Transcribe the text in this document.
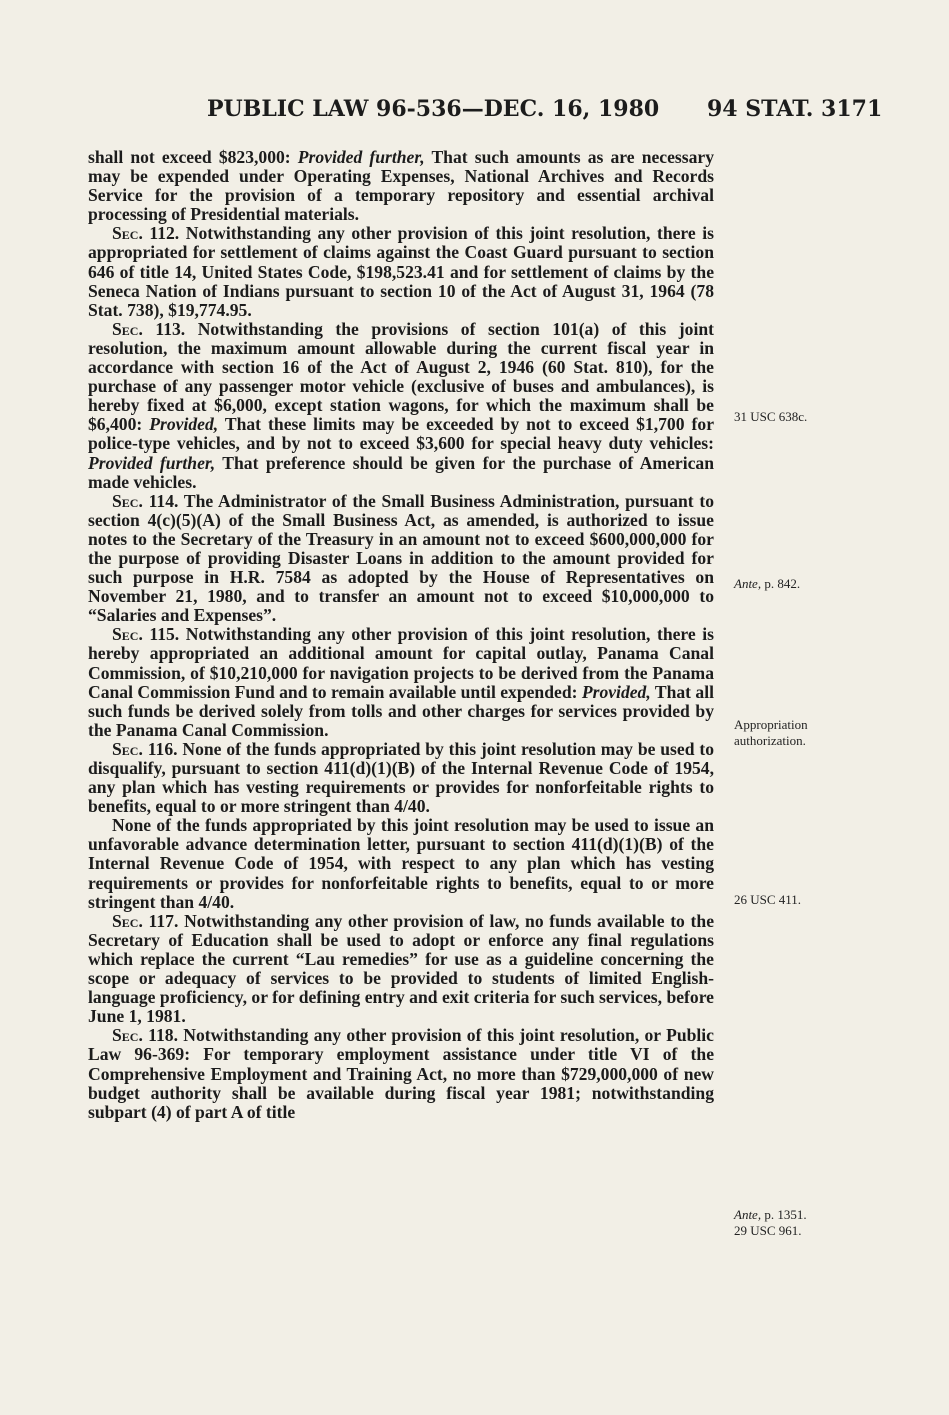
PUBLIC LAW 96-536—DEC. 16, 1980 94 STAT. 3171

shall not exceed $823,000: Provided further, That such amounts as are necessary may be expended under Operating Expenses, National Archives and Records Service for the provision of a temporary repository and essential archival processing of Presidential materials.

Sec. 112. Notwithstanding any other provision of this joint resolution, there is appropriated for settlement of claims against the Coast Guard pursuant to section 646 of title 14, United States Code, $198,523.41 and for settlement of claims by the Seneca Nation of Indians pursuant to section 10 of the Act of August 31, 1964 (78 Stat. 738), $19,774.95.

Sec. 113. Notwithstanding the provisions of section 101(a) of this joint resolution, the maximum amount allowable during the current fiscal year in accordance with section 16 of the Act of August 2, 1946 (60 Stat. 810), for the purchase of any passenger motor vehicle (exclusive of buses and ambulances), is hereby fixed at $6,000, except station wagons, for which the maximum shall be $6,400: Provided, That these limits may be exceeded by not to exceed $1,700 for police-type vehicles, and by not to exceed $3,600 for special heavy duty vehicles: Provided further, That preference should be given for the purchase of American made vehicles.

Sec. 114. The Administrator of the Small Business Administration, pursuant to section 4(c)(5)(A) of the Small Business Act, as amended, is authorized to issue notes to the Secretary of the Treasury in an amount not to exceed $600,000,000 for the purpose of providing Disaster Loans in addition to the amount provided for such purpose in H.R. 7584 as adopted by the House of Representatives on November 21, 1980, and to transfer an amount not to exceed $10,000,000 to “Salaries and Expenses”.

Sec. 115. Notwithstanding any other provision of this joint resolution, there is hereby appropriated an additional amount for capital outlay, Panama Canal Commission, of $10,210,000 for navigation projects to be derived from the Panama Canal Commission Fund and to remain available until expended: Provided, That all such funds be derived solely from tolls and other charges for services provided by the Panama Canal Commission.

Sec. 116. None of the funds appropriated by this joint resolution may be used to disqualify, pursuant to section 411(d)(1)(B) of the Internal Revenue Code of 1954, any plan which has vesting requirements or provides for nonforfeitable rights to benefits, equal to or more stringent than 4/40.

None of the funds appropriated by this joint resolution may be used to issue an unfavorable advance determination letter, pursuant to section 411(d)(1)(B) of the Internal Revenue Code of 1954, with respect to any plan which has vesting requirements or provides for nonforfeitable rights to benefits, equal to or more stringent than 4/40.

Sec. 117. Notwithstanding any other provision of law, no funds available to the Secretary of Education shall be used to adopt or enforce any final regulations which replace the current “Lau remedies” for use as a guideline concerning the scope or adequacy of services to be provided to students of limited English-language proficiency, or for defining entry and exit criteria for such services, before June 1, 1981.

Sec. 118. Notwithstanding any other provision of this joint resolution, or Public Law 96-369: For temporary employment assistance under title VI of the Comprehensive Employment and Training Act, no more than $729,000,000 of new budget authority shall be available during fiscal year 1981; notwithstanding subpart (4) of part A of title

31 USC 638c.
Ante, p. 842.
Appropriation
authorization.
26 USC 411.
Ante, p. 1351.
29 USC 961.
